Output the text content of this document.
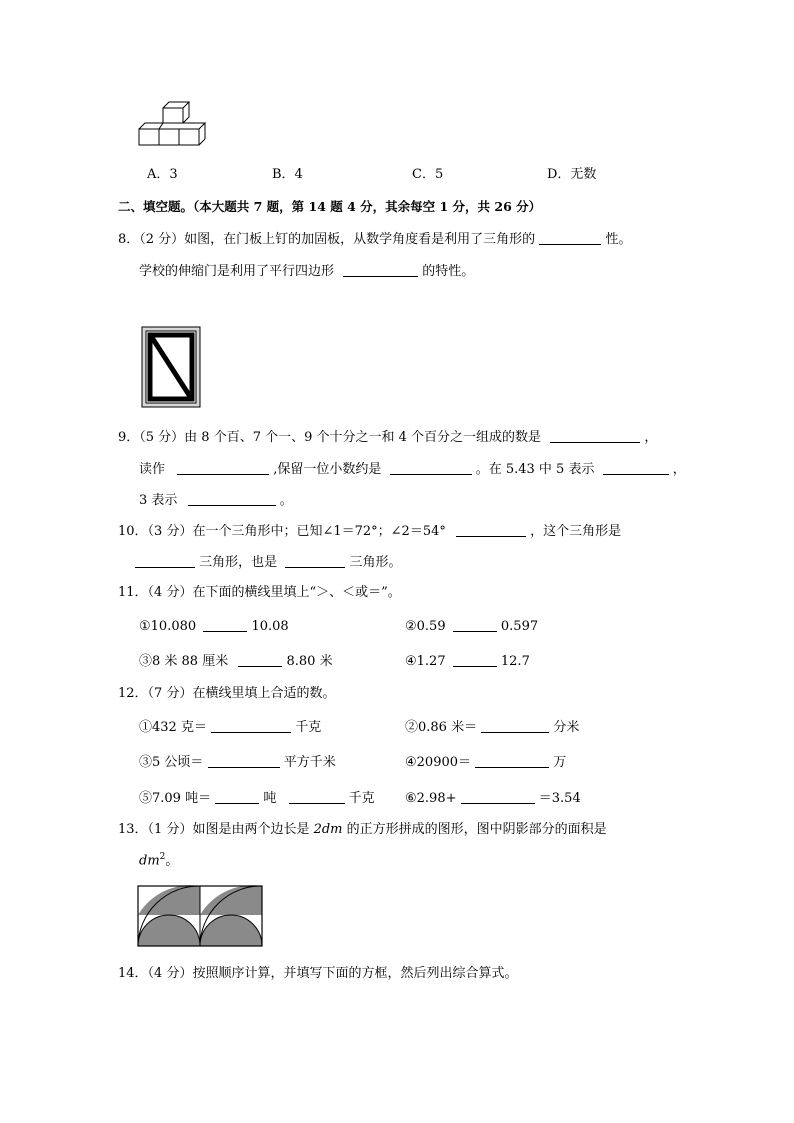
A．3	B．4	C．5	D．无数
二、填空题。（本大题共 7 题，第 14 题 4 分，其余每空 1 分，共 26 分）
8．（2 分）如图，在门板上钉的加固板，从数学角度看是利用了三角形的	性。
学校的伸缩门是利用了平行四边形	的特性。
9．（5 分）由 8 个百、7 个一、9 个十分之一和 4 个百分之一组成的数是	，
读作	,保留一位小数约是	。在 5.43 中 5 表示	，
3 表示	。
10．（3 分）在一个三角形中；已知∠1＝72°；∠2＝54°	，这个三角形是
三角形，也是	三角形。
11．（4 分）在下面的横线里填上“＞、＜或＝”。
①10.080	10.08	②0.59	0.597
③8 米 88 厘米	8.80 米	④1.27	12.7
12．（7 分）在横线里填上合适的数。
①432 克＝	千克	②0.86 米＝	分米
③5 公顷＝	平方千米	④20900＝	万
⑤7.09 吨＝	吨	千克 ⑥2.98+	＝3.54
13．（1 分）如图是由两个边长是 2dm 的正方形拼成的图形，图中阴影部分的面积是
$dm^2$。
14．（4 分）按照顺序计算，并填写下面的方框，然后列出综合算式。
